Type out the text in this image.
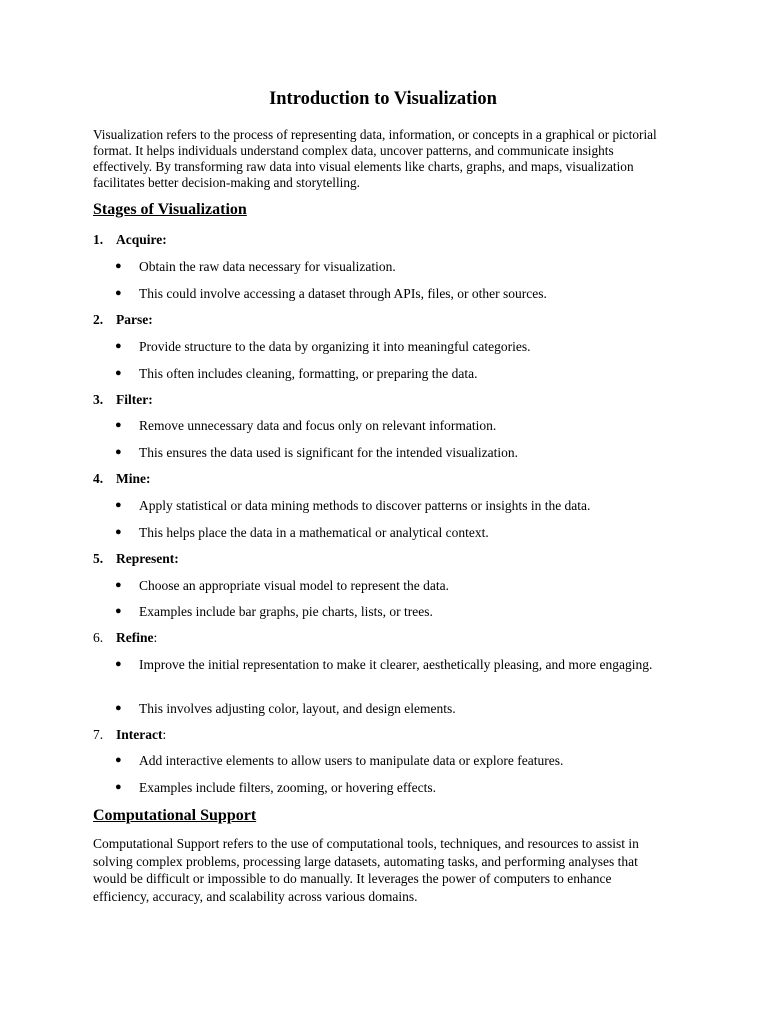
Introduction to Visualization

Visualization refers to the process of representing data, information, or concepts in a graphical or pictorial format. It helps individuals understand complex data, uncover patterns, and communicate insights effectively. By transforming raw data into visual elements like charts, graphs, and maps, visualization facilitates better decision-making and storytelling.

Stages of Visualization
1. Acquire:
● Obtain the raw data necessary for visualization.
● This could involve accessing a dataset through APIs, files, or other sources.
2. Parse:
● Provide structure to the data by organizing it into meaningful categories.
● This often includes cleaning, formatting, or preparing the data.
3. Filter:
● Remove unnecessary data and focus only on relevant information.
● This ensures the data used is significant for the intended visualization.
4. Mine:
● Apply statistical or data mining methods to discover patterns or insights in the data.
● This helps place the data in a mathematical or analytical context.
5. Represent:
● Choose an appropriate visual model to represent the data.
● Examples include bar graphs, pie charts, lists, or trees.
6. Refine:
● Improve the initial representation to make it clearer, aesthetically pleasing, and more engaging.
● This involves adjusting color, layout, and design elements.
7. Interact:
● Add interactive elements to allow users to manipulate data or explore features.
● Examples include filters, zooming, or hovering effects.
Computational Support

Computational Support refers to the use of computational tools, techniques, and resources to assist in solving complex problems, processing large datasets, automating tasks, and performing analyses that would be difficult or impossible to do manually. It leverages the power of computers to enhance efficiency, accuracy, and scalability across various domains.
